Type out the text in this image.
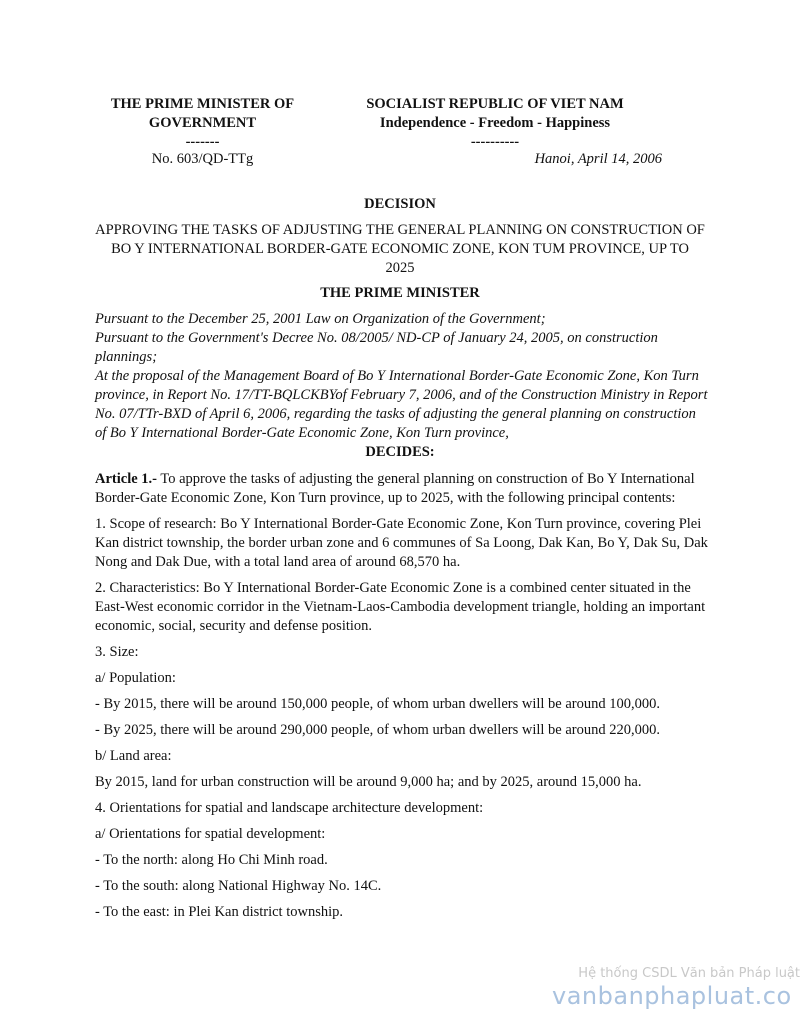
THE PRIME MINISTER OF
GOVERNMENT
-------
SOCIALIST REPUBLIC OF VIET NAM
Independence - Freedom - Happiness
----------
No. 603/QD-TTg	Hanoi, April 14, 2006
DECISION
APPROVING THE TASKS OF ADJUSTING THE GENERAL PLANNING ON CONSTRUCTION OF BO Y INTERNATIONAL BORDER-GATE ECONOMIC ZONE, KON TUM PROVINCE, UP TO 2025
THE PRIME MINISTER
Pursuant to the December 25, 2001 Law on Organization of the Government;
Pursuant to the Government's Decree No. 08/2005/ ND-CP of January 24, 2005, on construction plannings;
At the proposal of the Management Board of Bo Y International Border-Gate Economic Zone, Kon Turn province, in Report No. 17/TT-BQLCKBYof February 7, 2006, and of the Construction Ministry in Report No. 07/TTr-BXD of April 6, 2006, regarding the tasks of adjusting the general planning on construction of Bo Y International Border-Gate Economic Zone, Kon Turn province,
DECIDES:

Article 1.- To approve the tasks of adjusting the general planning on construction of Bo Y International Border-Gate Economic Zone, Kon Turn province, up to 2025, with the following principal contents:

1. Scope of research: Bo Y International Border-Gate Economic Zone, Kon Turn province, covering Plei Kan district township, the border urban zone and 6 communes of Sa Loong, Dak Kan, Bo Y, Dak Su, Dak Nong and Dak Due, with a total land area of around 68,570 ha.

2. Characteristics: Bo Y International Border-Gate Economic Zone is a combined center situated in the East-West economic corridor in the Vietnam-Laos-Cambodia development triangle, holding an important economic, social, security and defense position.

3. Size:

a/ Population:

- By 2015, there will be around 150,000 people, of whom urban dwellers will be around 100,000.

- By 2025, there will be around 290,000 people, of whom urban dwellers will be around 220,000.

b/ Land area:

By 2015, land for urban construction will be around 9,000 ha; and by 2025, around 15,000 ha.

4. Orientations for spatial and landscape architecture development:

a/ Orientations for spatial development:

- To the north: along Ho Chi Minh road.

- To the south: along National Highway No. 14C.

- To the east: in Plei Kan district township.

Hệ thống CSDL Văn bản Pháp luật
vanbanphapluat.co
